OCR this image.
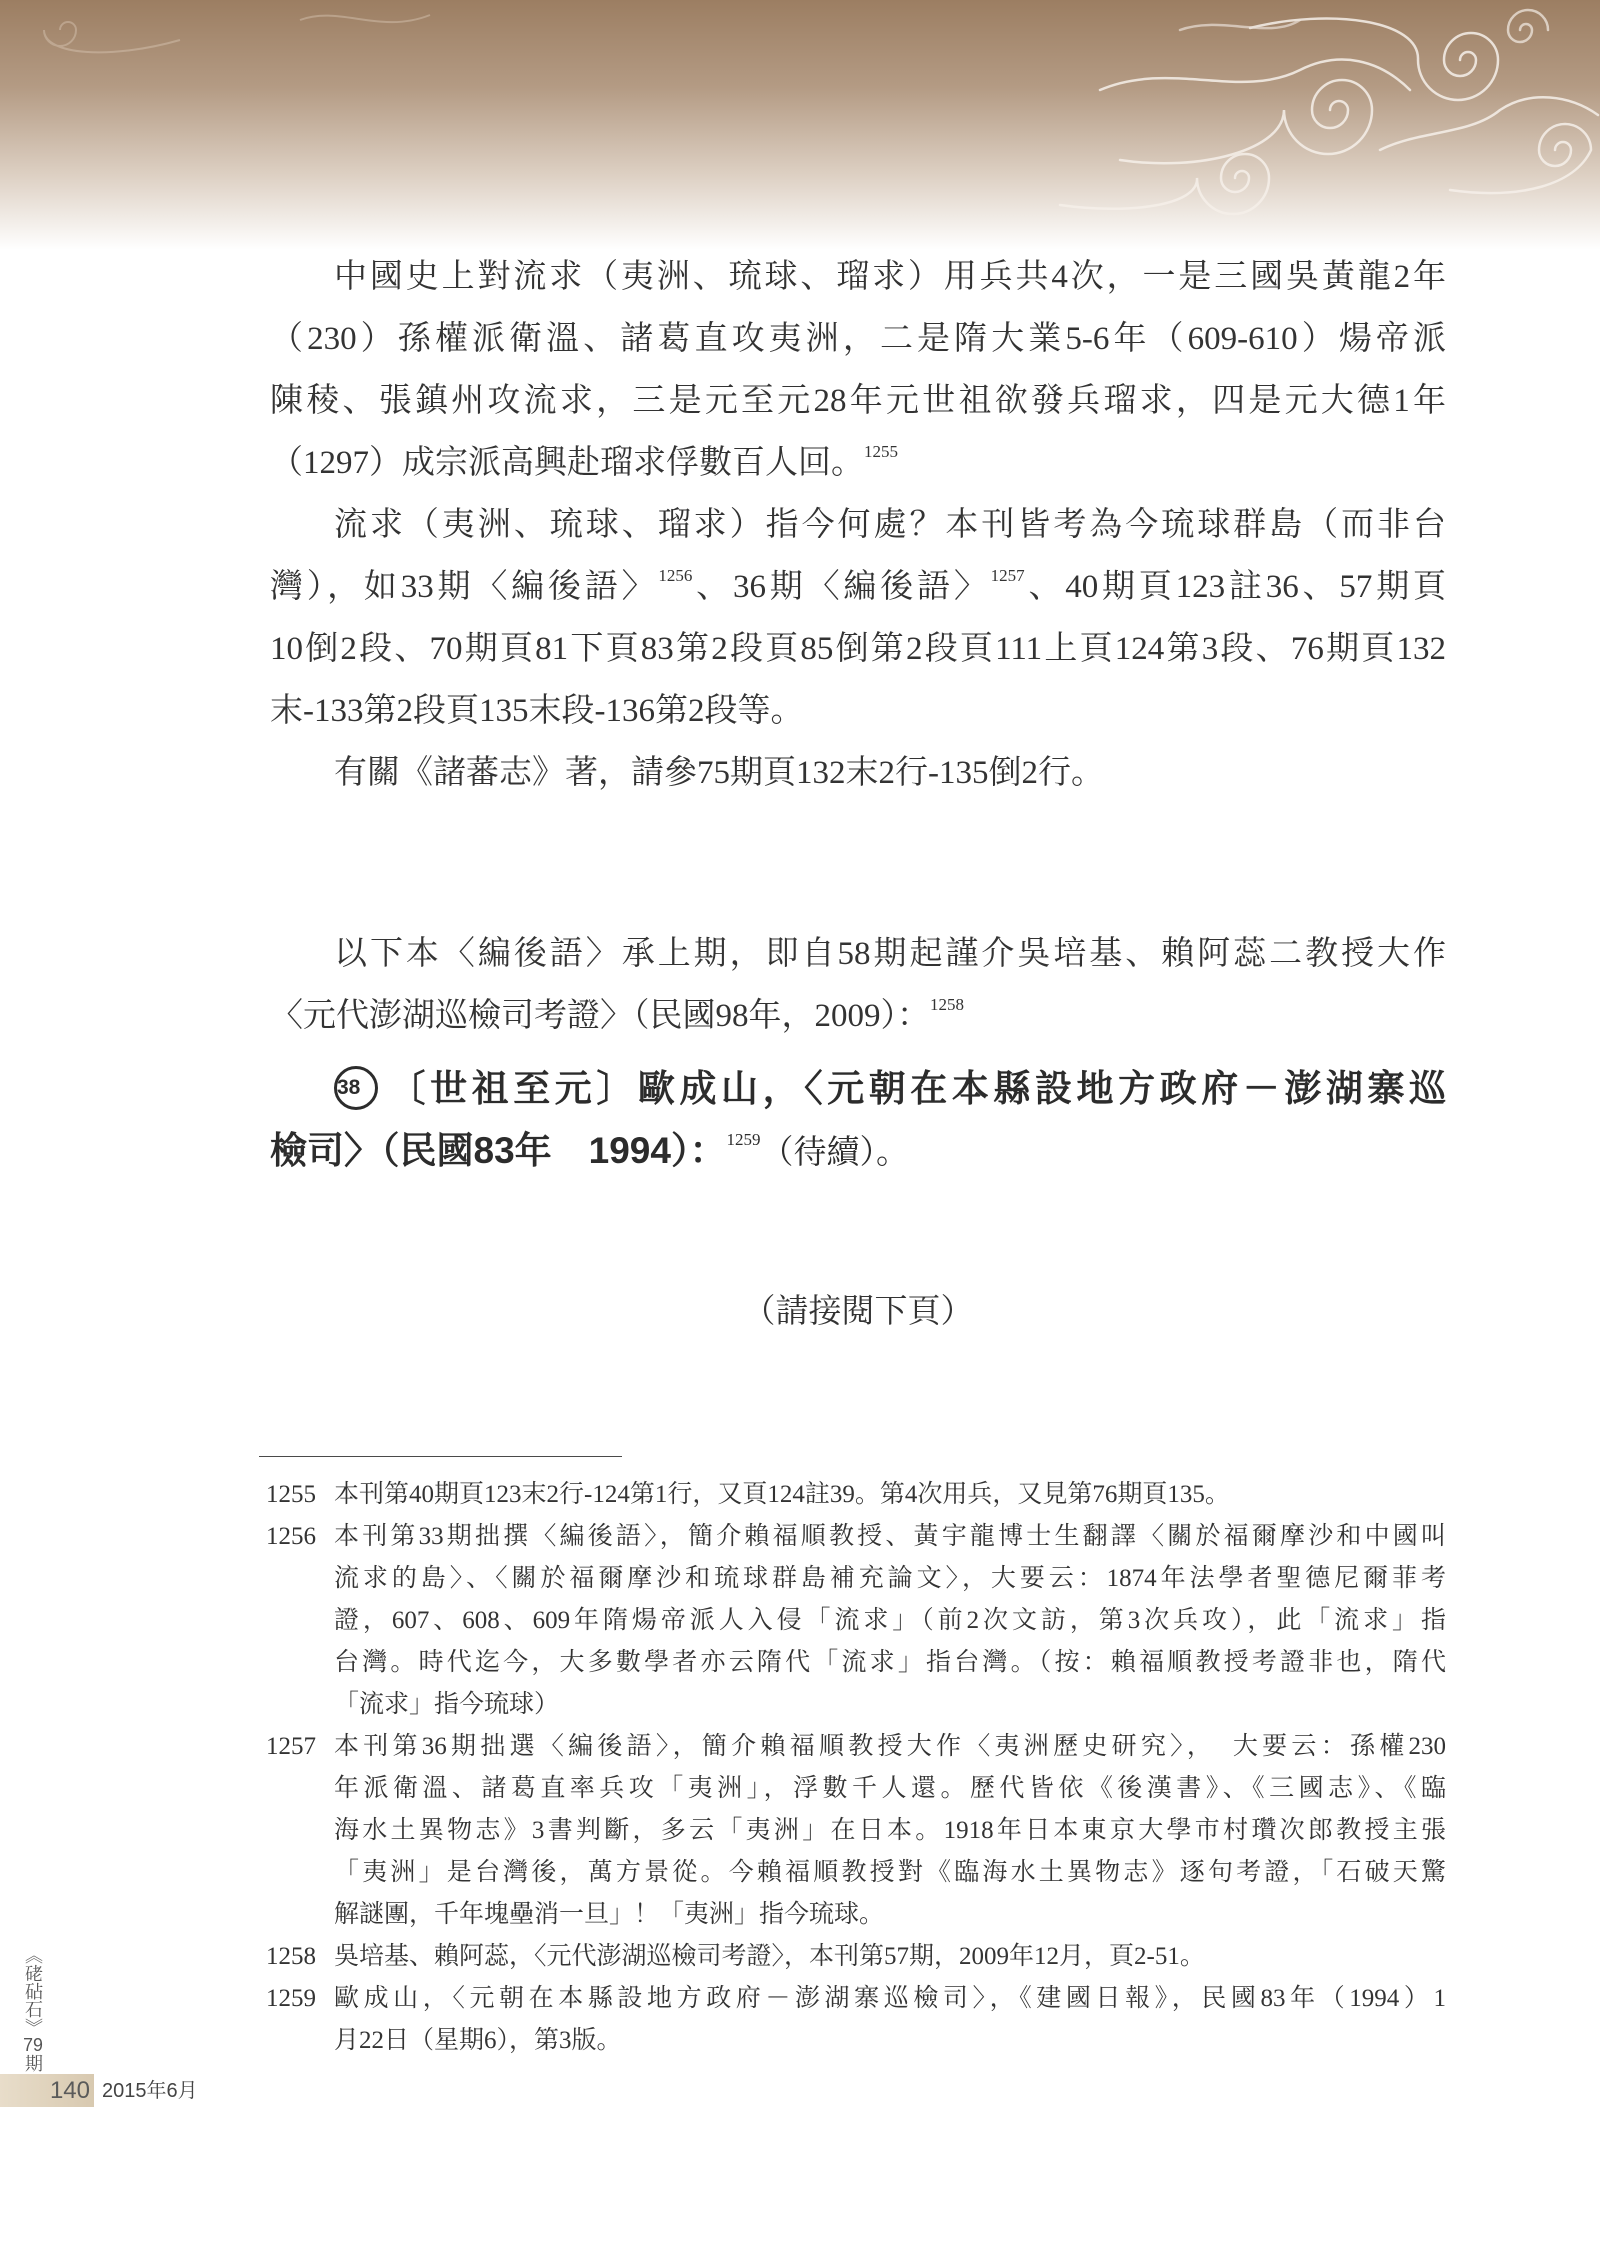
中國史上對流求（夷洲、琉球、瑠求）用兵共4次，一是三國吳黃龍2年
（230）孫權派衛溫、諸葛直攻夷洲，二是隋大業5-6年（609-610）煬帝派
陳稜、張鎮州攻流求，三是元至元28年元世祖欲發兵瑠求，四是元大德1年
（1297）成宗派高興赴瑠求俘數百人回。$^{1255}$
流求（夷洲、琉球、瑠求）指今何處？本刊皆考為今琉球群島（而非台
灣），如33期〈編後語〉$^{1256}$、36期〈編後語〉$^{1257}$、40期頁123註36、57期頁
10倒2段、70期頁81下頁83第2段頁85倒第2段頁111上頁124第3段、76期頁132
末-133第2段頁135末段-136第2段等。
有關《諸蕃志》著，請參75期頁132末2行-135倒2行。
以下本〈編後語〉承上期，即自58期起謹介吳培基、賴阿蕊二教授大作
〈元代澎湖巡檢司考證〉（民國98年，2009）：$^{1258}$
38 〔世祖至元〕歐成山，〈元朝在本縣設地方政府－澎湖寨巡
檢司〉（民國83年　1994）：$^{1259}$（待續）。
（請接閱下頁）
1255 本刊第40期頁123末2行-124第1行，又頁124註39。第4次用兵，又見第76期頁135。
1256 本刊第33期拙撰〈編後語〉，簡介賴福順教授、黃宇龍博士生翻譯〈關於福爾摩沙和中國叫
流求的島〉、〈關於福爾摩沙和琉球群島補充論文〉，大要云：1874年法學者聖德尼爾菲考
證，607、608、609年隋煬帝派人入侵「流求」（前2次文訪，第3次兵攻），此「流求」指
台灣。時代迄今，大多數學者亦云隋代「流求」指台灣。（按：賴福順教授考證非也，隋代
「流求」指今琉球）
1257 本刊第36期拙選〈編後語〉，簡介賴福順教授大作〈夷洲歷史研究〉，　大要云：孫權230
年派衛溫、諸葛直率兵攻「夷洲」，浮數千人還。歷代皆依《後漢書》、《三國志》、《臨
海水土異物志》3書判斷，多云「夷洲」在日本。1918年日本東京大學市村瓚次郎教授主張
「夷洲」是台灣後，萬方景從。今賴福順教授對《臨海水土異物志》逐句考證，「石破天驚
解謎團，千年塊壘消一旦」！「夷洲」指今琉球。
1258 吳培基、賴阿蕊，〈元代澎湖巡檢司考證〉，本刊第57期，2009年12月，頁2-51。
1259 歐成山，〈元朝在本縣設地方政府－澎湖寨巡檢司〉，《建國日報》，民國83年（1994）1
月22日（星期6），第3版。
《硓砧石》79期
140 2015年6月
